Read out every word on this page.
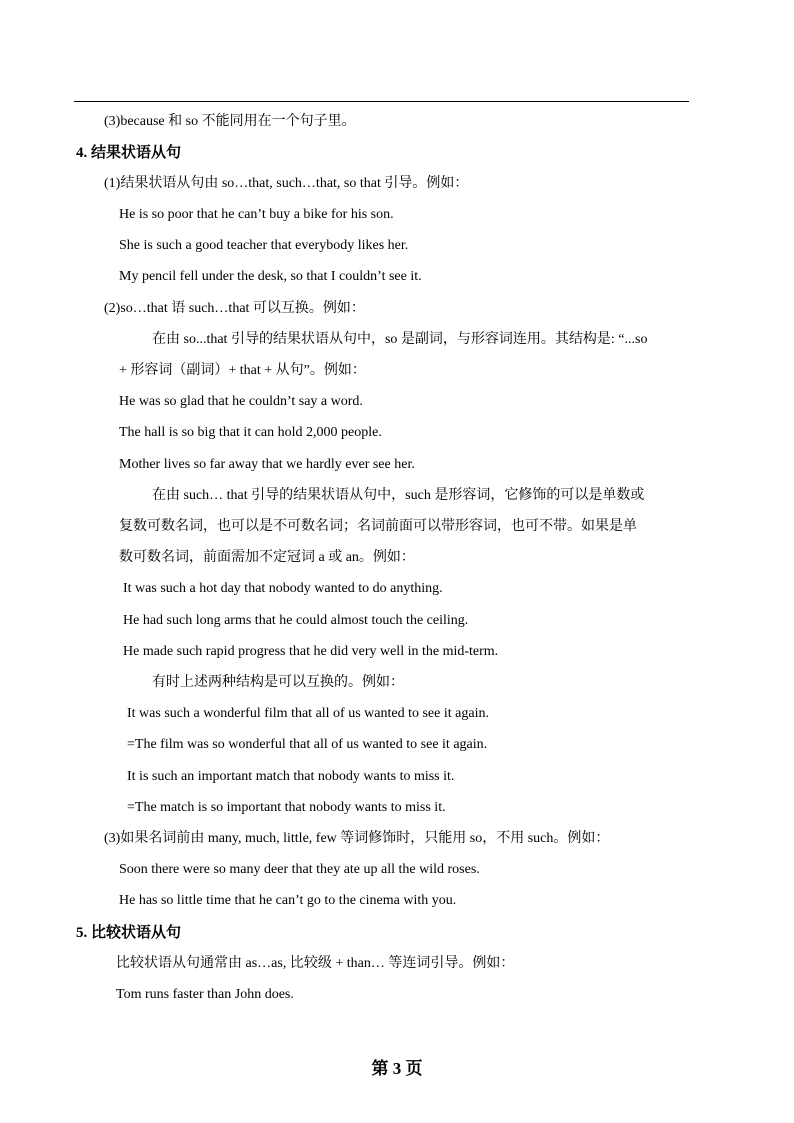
(3)because 和 so 不能同用在一个句子里。
4. 结果状语从句
(1)结果状语从句由 so…that, such…that, so that 引导。例如：
He is so poor that he can’t buy a bike for his son.
She is such a good teacher that everybody likes her.
My pencil fell under the desk, so that I couldn’t see it.
(2)so…that 语 such…that 可以互换。例如：
在由 so...that 引导的结果状语从句中，so 是副词，与形容词连用。其结构是: “...so
+ 形容词（副词）+ that + 从句”。例如：
He was so glad that he couldn’t say a word.
The hall is so big that it can hold 2,000 people.
Mother lives so far away that we hardly ever see her.
在由 such… that 引导的结果状语从句中，such 是形容词，它修饰的可以是单数或
复数可数名词，也可以是不可数名词；名词前面可以带形容词，也可不带。如果是单
数可数名词，前面需加不定冠词 a 或 an。例如：
It was such a hot day that nobody wanted to do anything.
He had such long arms that he could almost touch the ceiling.
He made such rapid progress that he did very well in the mid-term.
有时上述两种结构是可以互换的。例如：
It was such a wonderful film that all of us wanted to see it again.
=The film was so wonderful that all of us wanted to see it again.
It is such an important match that nobody wants to miss it.
=The match is so important that nobody wants to miss it.
(3)如果名词前由 many, much, little, few 等词修饰时，只能用 so，不用 such。例如：
Soon there were so many deer that they ate up all the wild roses.
He has so little time that he can’t go to the cinema with you.
5. 比较状语从句
比较状语从句通常由 as…as, 比较级 + than… 等连词引导。例如：
Tom runs faster than John does.
第 3 页
